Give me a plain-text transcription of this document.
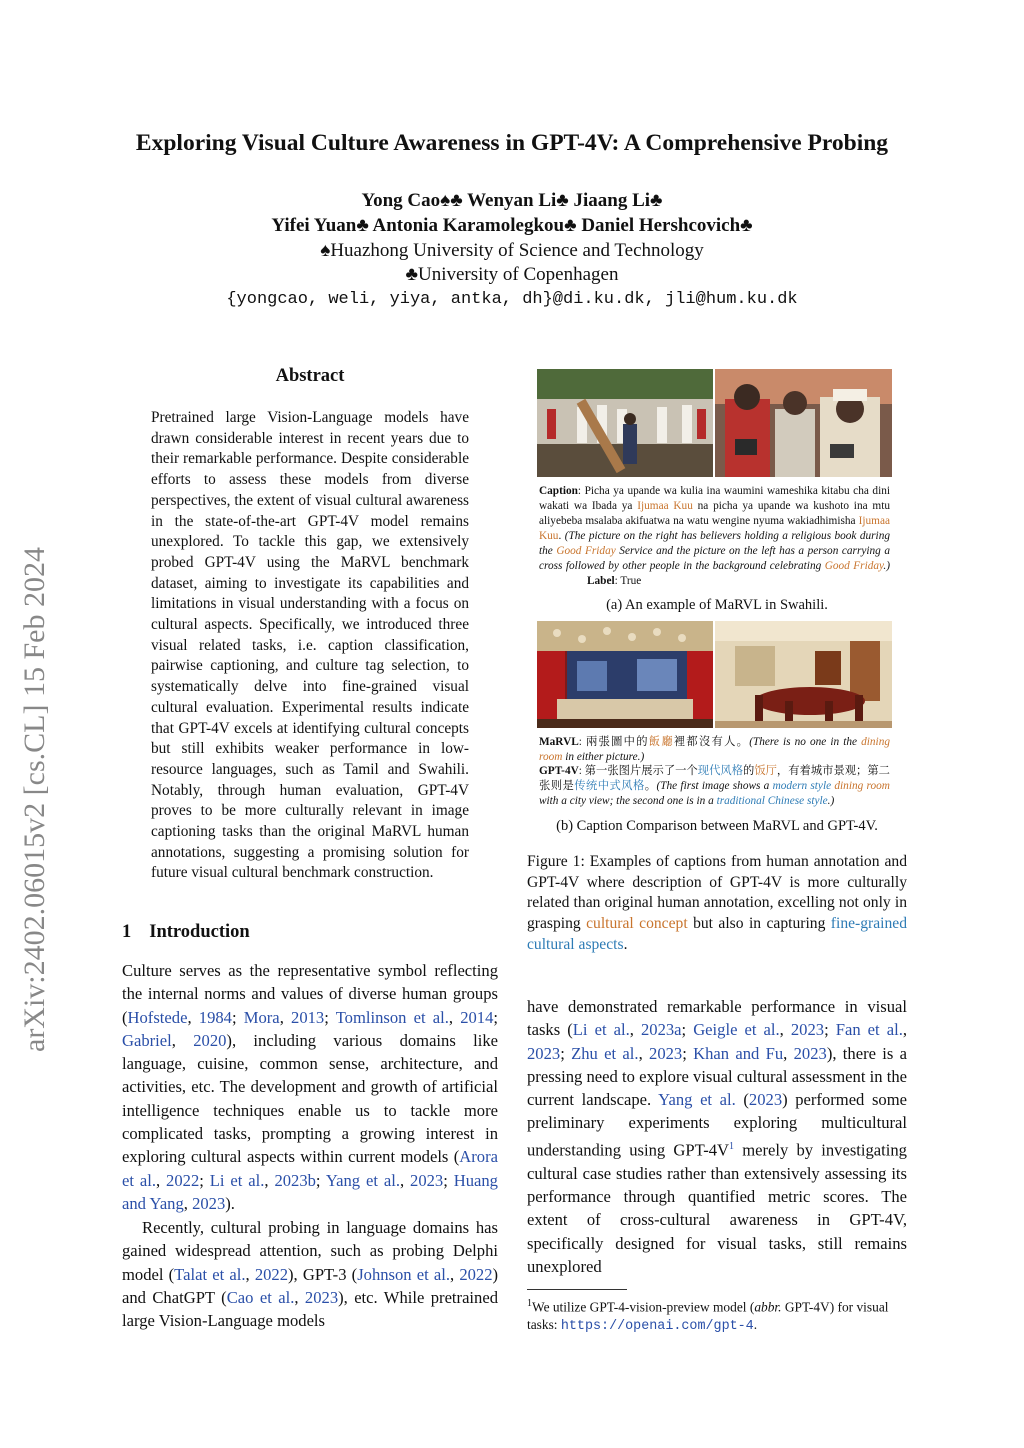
arXiv:2402.06015v2 [cs.CL] 15 Feb 2024
Exploring Visual Culture Awareness in GPT-4V: A Comprehensive Probing
Yong Cao♠♣ Wenyan Li♣ Jiaang Li♣
Yifei Yuan♣ Antonia Karamolegkou♣ Daniel Hershcovich♣
♠Huazhong University of Science and Technology
♣University of Copenhagen
{yongcao, weli, yiya, antka, dh}@di.ku.dk, jli@hum.ku.dk
Abstract
Pretrained large Vision-Language models have drawn considerable interest in recent years due to their remarkable performance. Despite considerable efforts to assess these models from diverse perspectives, the extent of visual cultural awareness in the state-of-the-art GPT-4V model remains unexplored. To tackle this gap, we extensively probed GPT-4V using the MaRVL benchmark dataset, aiming to investigate its capabilities and limitations in visual understanding with a focus on cultural aspects. Specifically, we introduced three visual related tasks, i.e. caption classification, pairwise captioning, and culture tag selection, to systematically delve into fine-grained visual cultural evaluation. Experimental results indicate that GPT-4V excels at identifying cultural concepts but still exhibits weaker performance in low-resource languages, such as Tamil and Swahili. Notably, through human evaluation, GPT-4V proves to be more culturally relevant in image captioning tasks than the original MaRVL human annotations, suggesting a promising solution for future visual cultural benchmark construction.
1 Introduction
Culture serves as the representative symbol reflecting the internal norms and values of diverse human groups (Hofstede, 1984; Mora, 2013; Tomlinson et al., 2014; Gabriel, 2020), including various domains like language, cuisine, common sense, architecture, and activities, etc. The development and growth of artificial intelligence techniques enable us to tackle more complicated tasks, prompting a growing interest in exploring cultural aspects within current models (Arora et al., 2022; Li et al., 2023b; Yang et al., 2023; Huang and Yang, 2023).
Recently, cultural probing in language domains has gained widespread attention, such as probing Delphi model (Talat et al., 2022), GPT-3 (Johnson et al., 2022) and ChatGPT (Cao et al., 2023), etc. While pretrained large Vision-Language models
Caption: Picha ya upande wa kulia ina waumini wameshika kitabu cha dini wakati wa Ibada ya Ijumaa Kuu na picha ya upande wa kushoto ina mtu aliyebeba msalaba akifuatwa na watu wengine nyuma wakiadhimisha Ijumaa Kuu. (The picture on the right has believers holding a religious book during the Good Friday Service and the picture on the left has a person carrying a cross followed by other people in the background celebrating Good Friday.)Label: True
(a) An example of MaRVL in Swahili.
MaRVL: 兩張圖中的飯廳裡都沒有人。(There is no one in the dining room in either picture.)
GPT-4V: 第一张图片展示了一个现代风格的饭厅，有着城市景观；第二张则是传统中式风格。(The first image shows a modern style dining room with a city view; the second one is in a traditional Chinese style.)
(b) Caption Comparison between MaRVL and GPT-4V.
Figure 1: Examples of captions from human annotation and GPT-4V where description of GPT-4V is more culturally related than original human annotation, excelling not only in grasping cultural concept but also in capturing fine-grained cultural aspects.
have demonstrated remarkable performance in visual tasks (Li et al., 2023a; Geigle et al., 2023; Fan et al., 2023; Zhu et al., 2023; Khan and Fu, 2023), there is a pressing need to explore visual cultural assessment in the current landscape. Yang et al. (2023) performed some preliminary experiments exploring multicultural understanding using GPT-4V$^1$ merely by investigating cultural case studies rather than extensively assessing its performance through quantified metric scores. The extent of cross-cultural awareness in GPT-4V, specifically designed for visual tasks, still remains unexplored
$^1$We utilize GPT-4-vision-preview model (abbr. GPT-4V) for visual tasks: https://openai.com/gpt-4.
